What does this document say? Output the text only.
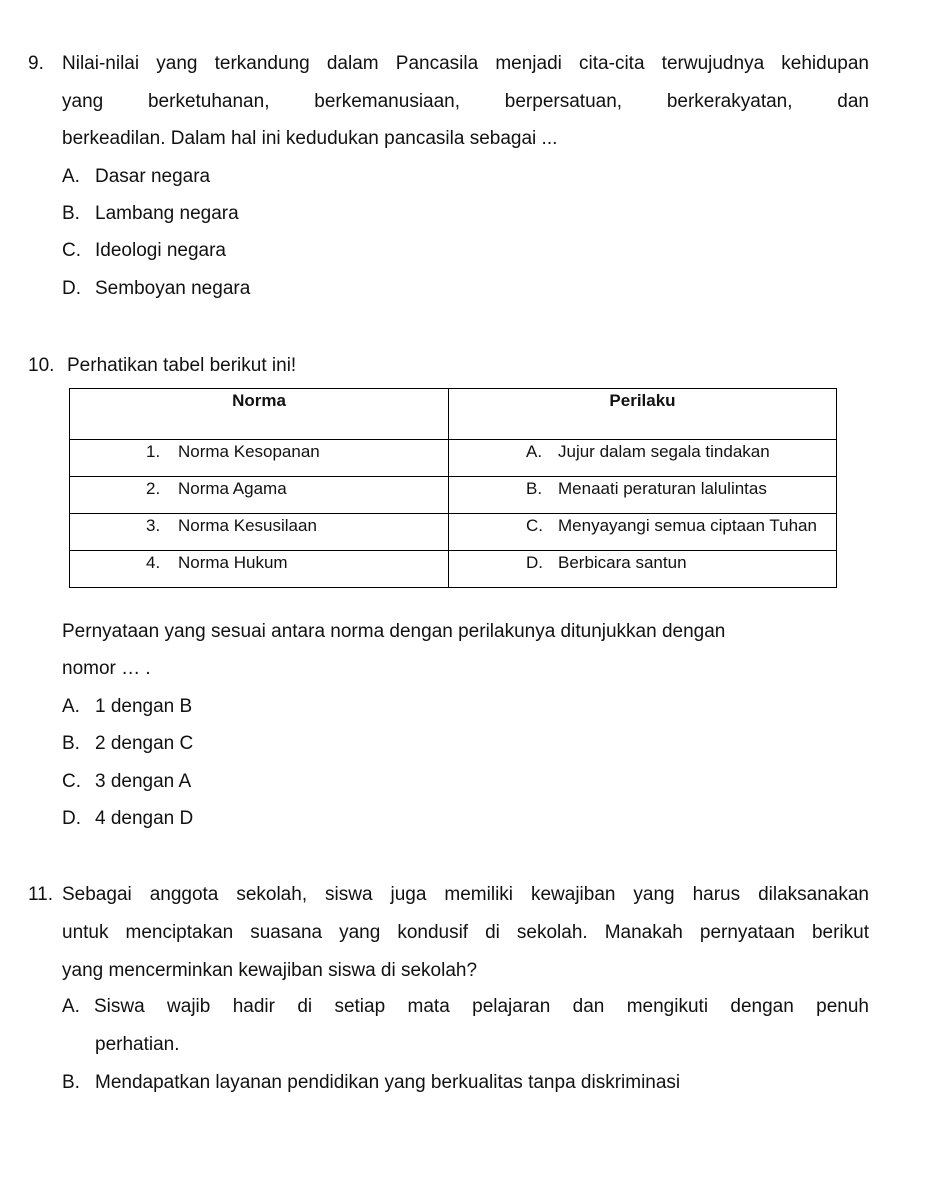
9. Nilai-nilai yang terkandung dalam Pancasila menjadi cita-cita terwujudnya kehidupan
yang berketuhanan, berkemanusiaan, berpersatuan, berkerakyatan, dan
berkeadilan. Dalam hal ini kedudukan pancasila sebagai ...
A. Dasar negara
B. Lambang negara
C. Ideologi negara
D. Semboyan negara
10. Perhatikan tabel berikut ini!
Norma	Perilaku
1. Norma Kesopanan	A. Jujur dalam segala tindakan
2. Norma Agama	B. Menaati peraturan lalulintas
3. Norma Kesusilaan	C. Menyayangi semua ciptaan Tuhan
4. Norma Hukum	D. Berbicara santun
Pernyataan yang sesuai antara norma dengan perilakunya ditunjukkan dengan
nomor … .
A. 1 dengan B
B. 2 dengan C
C. 3 dengan A
D. 4 dengan D
11. Sebagai anggota sekolah, siswa juga memiliki kewajiban yang harus dilaksanakan
untuk menciptakan suasana yang kondusif di sekolah. Manakah pernyataan berikut
yang mencerminkan kewajiban siswa di sekolah?
A. Siswa wajib hadir di setiap mata pelajaran dan mengikuti dengan penuh
perhatian.
B. Mendapatkan layanan pendidikan yang berkualitas tanpa diskriminasi
